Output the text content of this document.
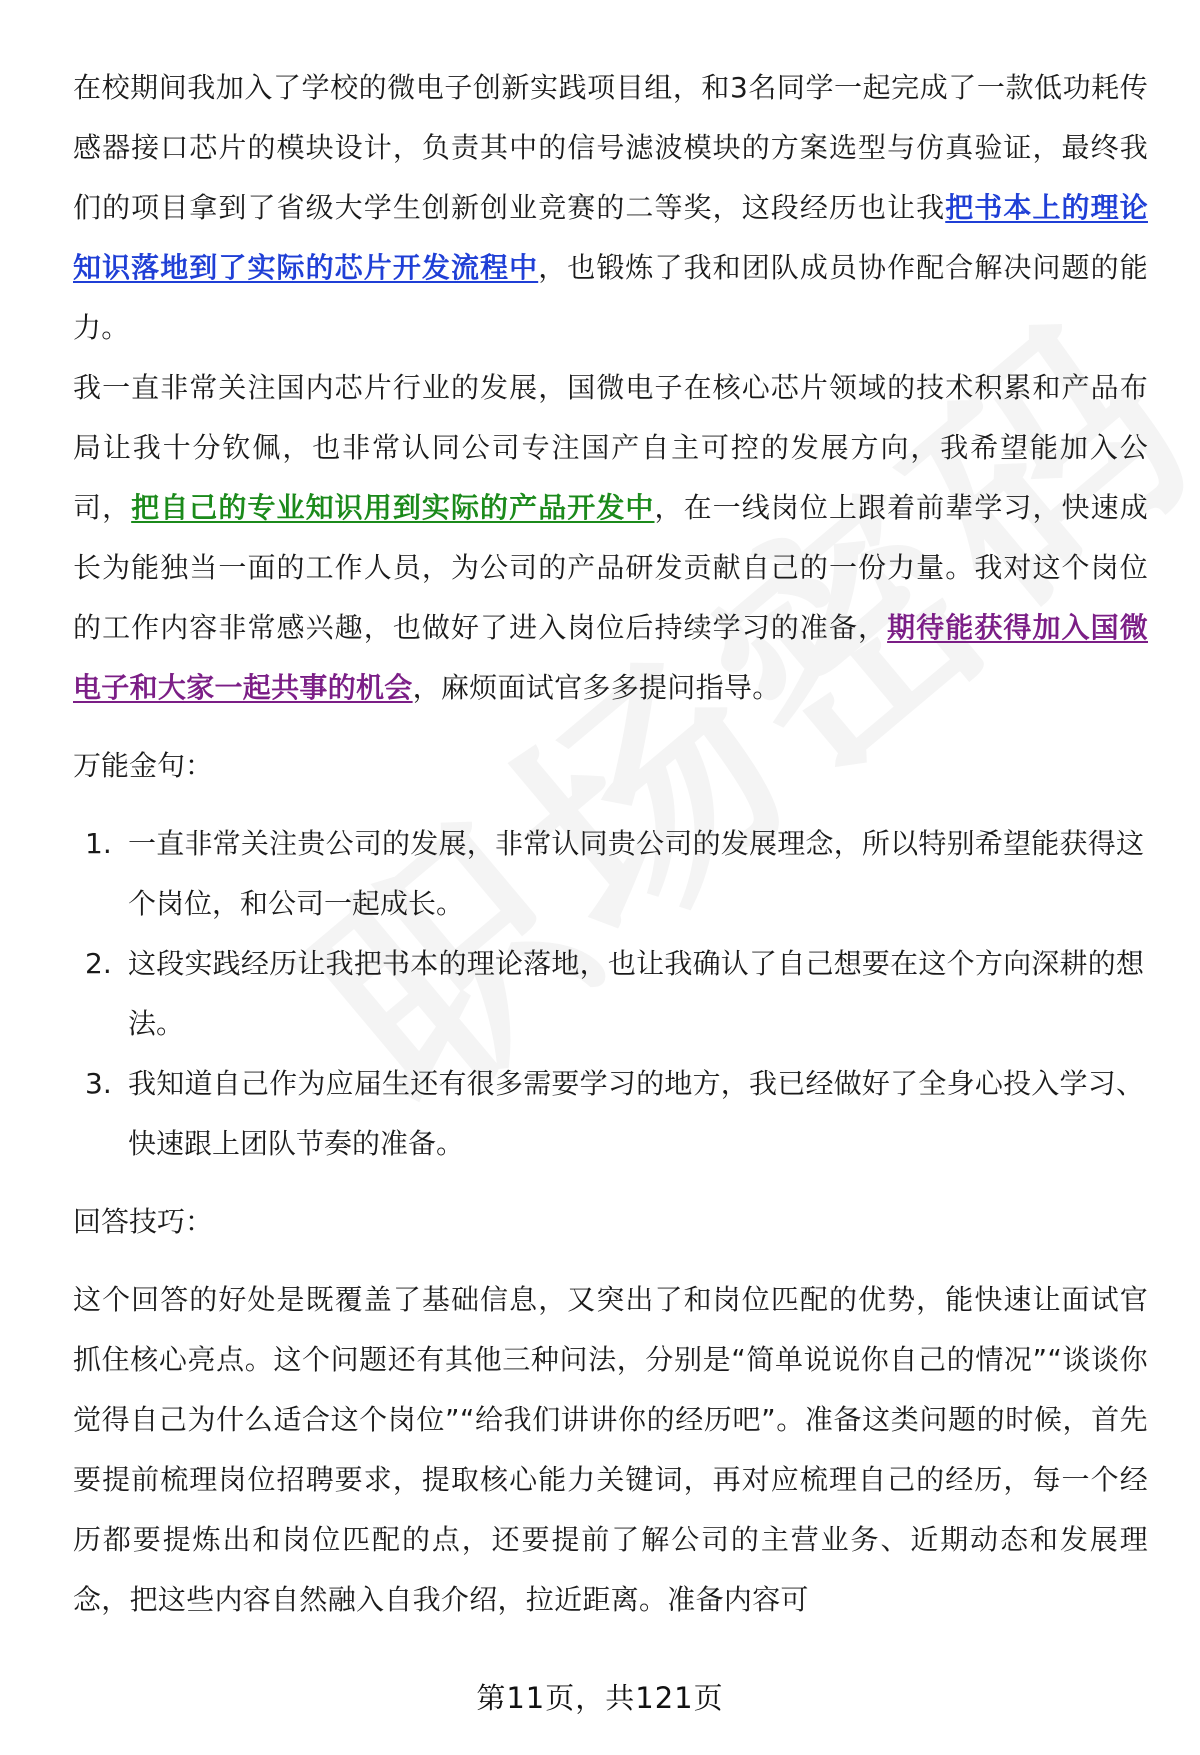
在校期间我加入了学校的微电子创新实践项目组，和3名同学一起完成了一款低功耗传感器接口芯片的模块设计，负责其中的信号滤波模块的方案选型与仿真验证，最终我们的项目拿到了省级大学生创新创业竞赛的二等奖，这段经历也让我把书本上的理论知识落地到了实际的芯片开发流程中，也锻炼了我和团队成员协作配合解决问题的能力。

我一直非常关注国内芯片行业的发展，国微电子在核心芯片领域的技术积累和产品布局让我十分钦佩，也非常认同公司专注国产自主可控的发展方向，我希望能加入公司，把自己的专业知识用到实际的产品开发中，在一线岗位上跟着前辈学习，快速成长为能独当一面的工作人员，为公司的产品研发贡献自己的一份力量。我对这个岗位的工作内容非常感兴趣，也做好了进入岗位后持续学习的准备，期待能获得加入国微电子和大家一起共事的机会，麻烦面试官多多提问指导。

万能金句：
1. 一直非常关注贵公司的发展，非常认同贵公司的发展理念，所以特别希望能获得这个岗位，和公司一起成长。
2. 这段实践经历让我把书本的理论落地，也让我确认了自己想要在这个方向深耕的想法。
3. 我知道自己作为应届生还有很多需要学习的地方，我已经做好了全身心投入学习、快速跟上团队节奏的准备。
回答技巧：

这个回答的好处是既覆盖了基础信息，又突出了和岗位匹配的优势，能快速让面试官抓住核心亮点。这个问题还有其他三种问法，分别是“简单说说你自己的情况”“谈谈你觉得自己为什么适合这个岗位”“给我们讲讲你的经历吧”。准备这类问题的时候，首先要提前梳理岗位招聘要求，提取核心能力关键词，再对应梳理自己的经历，每一个经历都要提炼出和岗位匹配的点，还要提前了解公司的主营业务、近期动态和发展理念，把这些内容自然融入自我介绍，拉近距离。准备内容可

第11页，共121页
